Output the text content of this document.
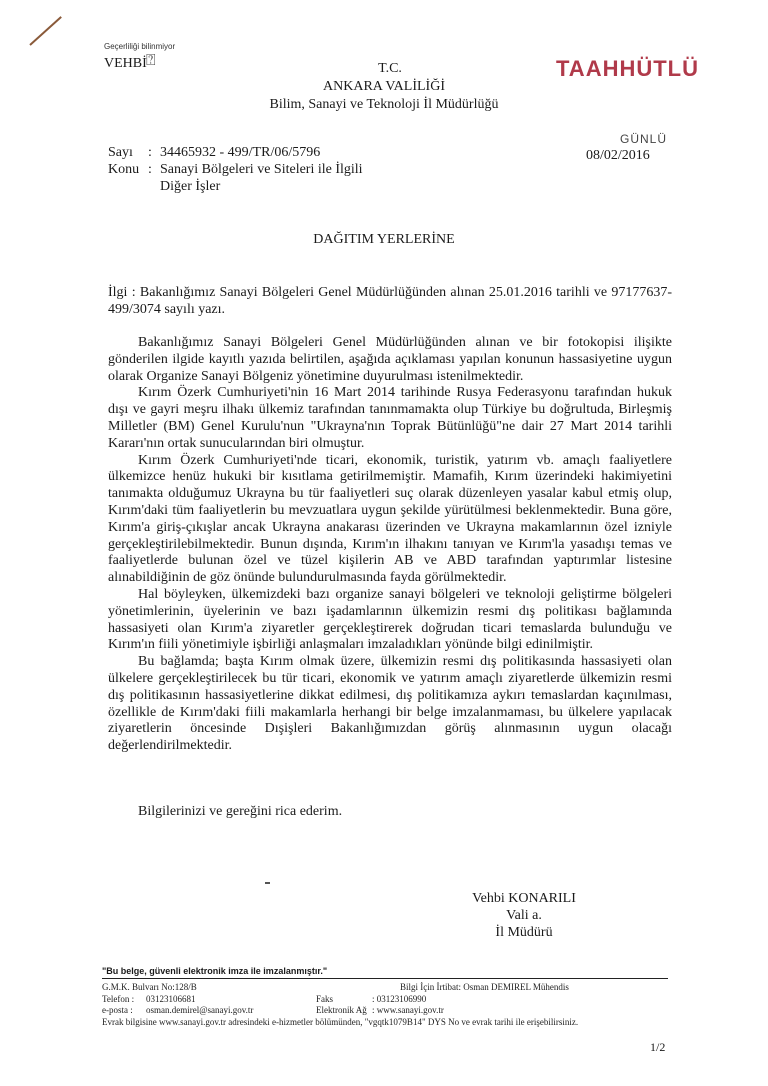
Geçerliliği bilinmiyor
VEHBİ ⍰	TAAHHÜTLÜ
T.C.
ANKARA VALİLİĞİ
Bilim, Sanayi ve Teknoloji İl Müdürlüğü
GÜNLÜ
08/02/2016
Sayı	: 34465932 - 499/TR/06/5796
Konu : Sanayi Bölgeleri ve Siteleri ile İlgili
Diğer İşler
DAĞITIM YERLERİNE
İlgi : Bakanlığımız Sanayi Bölgeleri Genel Müdürlüğünden alınan 25.01.2016 tarihli ve 97177637-499/3074 sayılı yazı.

Bakanlığımız Sanayi Bölgeleri Genel Müdürlüğünden alınan ve bir fotokopisi ilişikte gönderilen ilgide kayıtlı yazıda belirtilen, aşağıda açıklaması yapılan konunun hassasiyetine uygun olarak Organize Sanayi Bölgeniz yönetimine duyurulması istenilmektedir.

Kırım Özerk Cumhuriyeti'nin 16 Mart 2014 tarihinde Rusya Federasyonu tarafından hukuk dışı ve gayri meşru ilhakı ülkemiz tarafından tanınmamakta olup Türkiye bu doğrultuda, Birleşmiş Milletler (BM) Genel Kurulu'nun "Ukrayna'nın Toprak Bütünlüğü"ne dair 27 Mart 2014 tarihli Kararı'nın ortak sunucularından biri olmuştur.

Kırım Özerk Cumhuriyeti'nde ticari, ekonomik, turistik, yatırım vb. amaçlı faaliyetlere ülkemizce henüz hukuki bir kısıtlama getirilmemiştir. Mamafih, Kırım üzerindeki hakimiyetini tanımakta olduğumuz Ukrayna bu tür faaliyetleri suç olarak düzenleyen yasalar kabul etmiş olup, Kırım'daki tüm faaliyetlerin bu mevzuatlara uygun şekilde yürütülmesi beklenmektedir. Buna göre, Kırım'a giriş-çıkışlar ancak Ukrayna anakarası üzerinden ve Ukrayna makamlarının özel izniyle gerçekleştirilebilmektedir. Bunun dışında, Kırım'ın ilhakını tanıyan ve Kırım'la yasadışı temas ve faaliyetlerde bulunan özel ve tüzel kişilerin AB ve ABD tarafından yaptırımlar listesine alınabildiğinin de göz önünde bulundurulmasında fayda görülmektedir.

Hal böyleyken, ülkemizdeki bazı organize sanayi bölgeleri ve teknoloji geliştirme bölgeleri yönetimlerinin, üyelerinin ve bazı işadamlarının ülkemizin resmi dış politikası bağlamında hassasiyeti olan Kırım'a ziyaretler gerçekleştirerek doğrudan ticari temaslarda bulunduğu ve Kırım'ın fiili yönetimiyle işbirliği anlaşmaları imzaladıkları yönünde bilgi edinilmiştir.

Bu bağlamda; başta Kırım olmak üzere, ülkemizin resmi dış politikasında hassasiyeti olan ülkelere gerçekleştirilecek bu tür ticari, ekonomik ve yatırım amaçlı ziyaretlerde ülkemizin resmi dış politikasının hassasiyetlerine dikkat edilmesi, dış politikamıza aykırı temaslardan kaçınılması, özellikle de Kırım'daki fiili makamlarla herhangi bir belge imzalanmaması, bu ülkelere yapılacak ziyaretlerin öncesinde Dışişleri Bakanlığımızdan görüş alınmasının uygun olacağı değerlendirilmektedir.

Bilgilerinizi ve gereğini rica ederim.
Vehbi KONARILI
Vali a.
İl Müdürü
"Bu belge, güvenli elektronik imza ile imzalanmıştır."
G.M.K. Bulvarı No:128/B	Bilgi İçin İrtibat: Osman DEMIREL Mühendis
Telefon : 03123106681	Faks	: 03123106990
e-posta : osman.demirel@sanayi.gov.tr	Elektronik Ağ : www.sanayi.gov.tr
Evrak bilgisine www.sanayi.gov.tr adresindeki e-hizmetler bölümünden, "vgqtk1079B14" DYS No ve evrak tarihi ile erişebilirsiniz.
1/2
